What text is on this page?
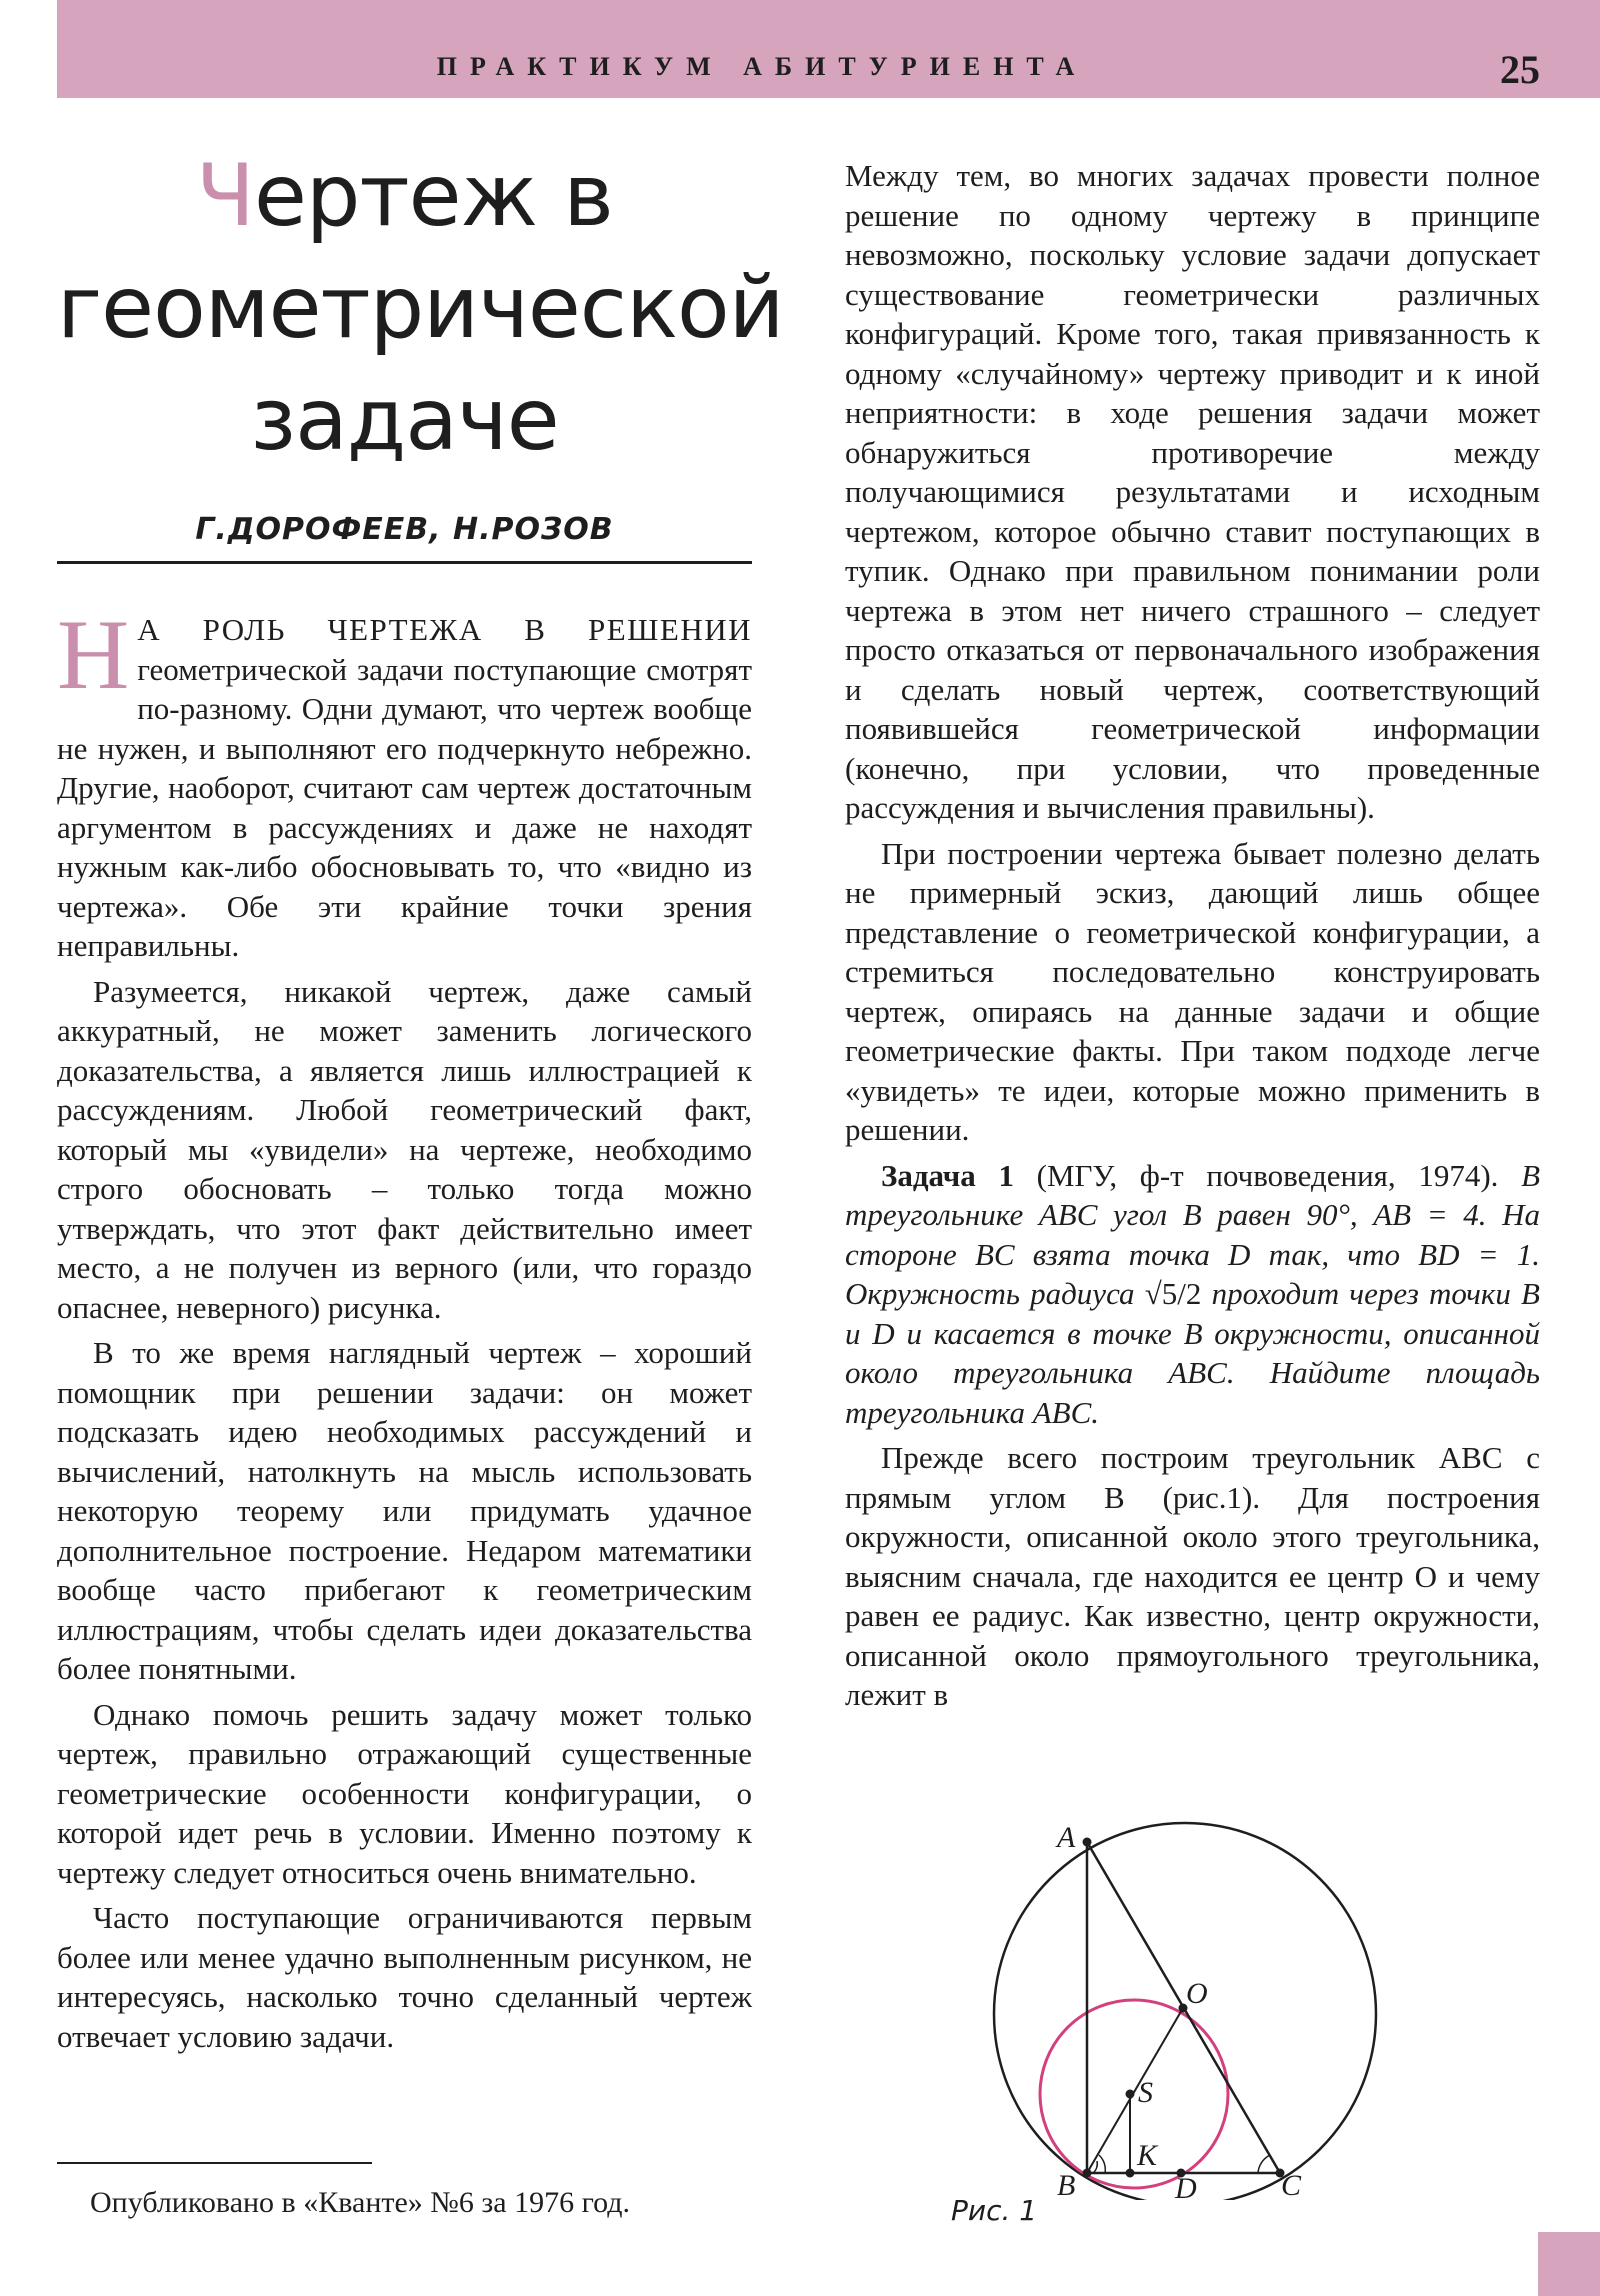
ПРАКТИКУМ АБИТУРИЕНТА	25
Чертеж в геометрической задаче
Г.ДОРОФЕЕВ, Н.РОЗОВ

Н А РОЛЬ ЧЕРТЕЖА В РЕШЕНИИ геометрической задачи поступающие смотрят по-разному. Одни думают, что чертеж вообще не нужен, и выполняют его подчеркнуто небрежно. Другие, наоборот, считают сам чертеж достаточным аргументом в рассуждениях и даже не находят нужным как-либо обосновывать то, что «видно из чертежа». Обе эти крайние точки зрения неправильны.

Разумеется, никакой чертеж, даже самый аккуратный, не может заменить логического доказательства, а является лишь иллюстрацией к рассуждениям. Любой геометрический факт, который мы «увидели» на чертеже, необходимо строго обосновать – только тогда можно утверждать, что этот факт действительно имеет место, а не получен из верного (или, что гораздо опаснее, неверного) рисунка.

В то же время наглядный чертеж – хороший помощник при решении задачи: он может подсказать идею необходимых рассуждений и вычислений, натолкнуть на мысль использовать некоторую теорему или придумать удачное дополнительное построение. Недаром математики вообще часто прибегают к геометрическим иллюстрациям, чтобы сделать идеи доказательства более понятными.

Однако помочь решить задачу может только чертеж, правильно отражающий существенные геометрические особенности конфигурации, о которой идет речь в условии. Именно поэтому к чертежу следует относиться очень внимательно.

Часто поступающие ограничиваются первым более или менее удачно выполненным рисунком, не интересуясь, насколько точно сделанный чертеж отвечает условию задачи.

Опубликовано в «Кванте» №6 за 1976 год.

Между тем, во многих задачах провести полное решение по одному чертежу в принципе невозможно, поскольку условие задачи допускает существование геометрически различных конфигураций. Кроме того, такая привязанность к одному «случайному» чертежу приводит и к иной неприятности: в ходе решения задачи может обнаружиться противоречие между получающимися результатами и исходным чертежом, которое обычно ставит поступающих в тупик. Однако при правильном понимании роли чертежа в этом нет ничего страшного – следует просто отказаться от первоначального изображения и сделать новый чертеж, соответствующий появившейся геометрической информации (конечно, при условии, что проведенные рассуждения и вычисления правильны).

При построении чертежа бывает полезно делать не примерный эскиз, дающий лишь общее представление о геометрической конфигурации, а стремиться последовательно конструировать чертеж, опираясь на данные задачи и общие геометрические факты. При таком подходе легче «увидеть» те идеи, которые можно применить в решении.

Задача 1 (МГУ, ф-т почвоведения, 1974). В треугольнике ABC угол B равен 90°, AB = 4. На стороне BC взята точка D так, что BD = 1. Окружность радиуса √5/2 проходит через точки B и D и касается в точке B окружности, описанной около треугольника ABC. Найдите площадь треугольника ABC.

Прежде всего построим треугольник ABC с прямым углом B (рис.1). Для построения окружности, описанной около этого треугольника, выясним сначала, где находится ее центр O и чему равен ее радиус. Как известно, центр окружности, описанной около прямоугольного треугольника, лежит в

A
O
S
K
B	D	C
Рис. 1
